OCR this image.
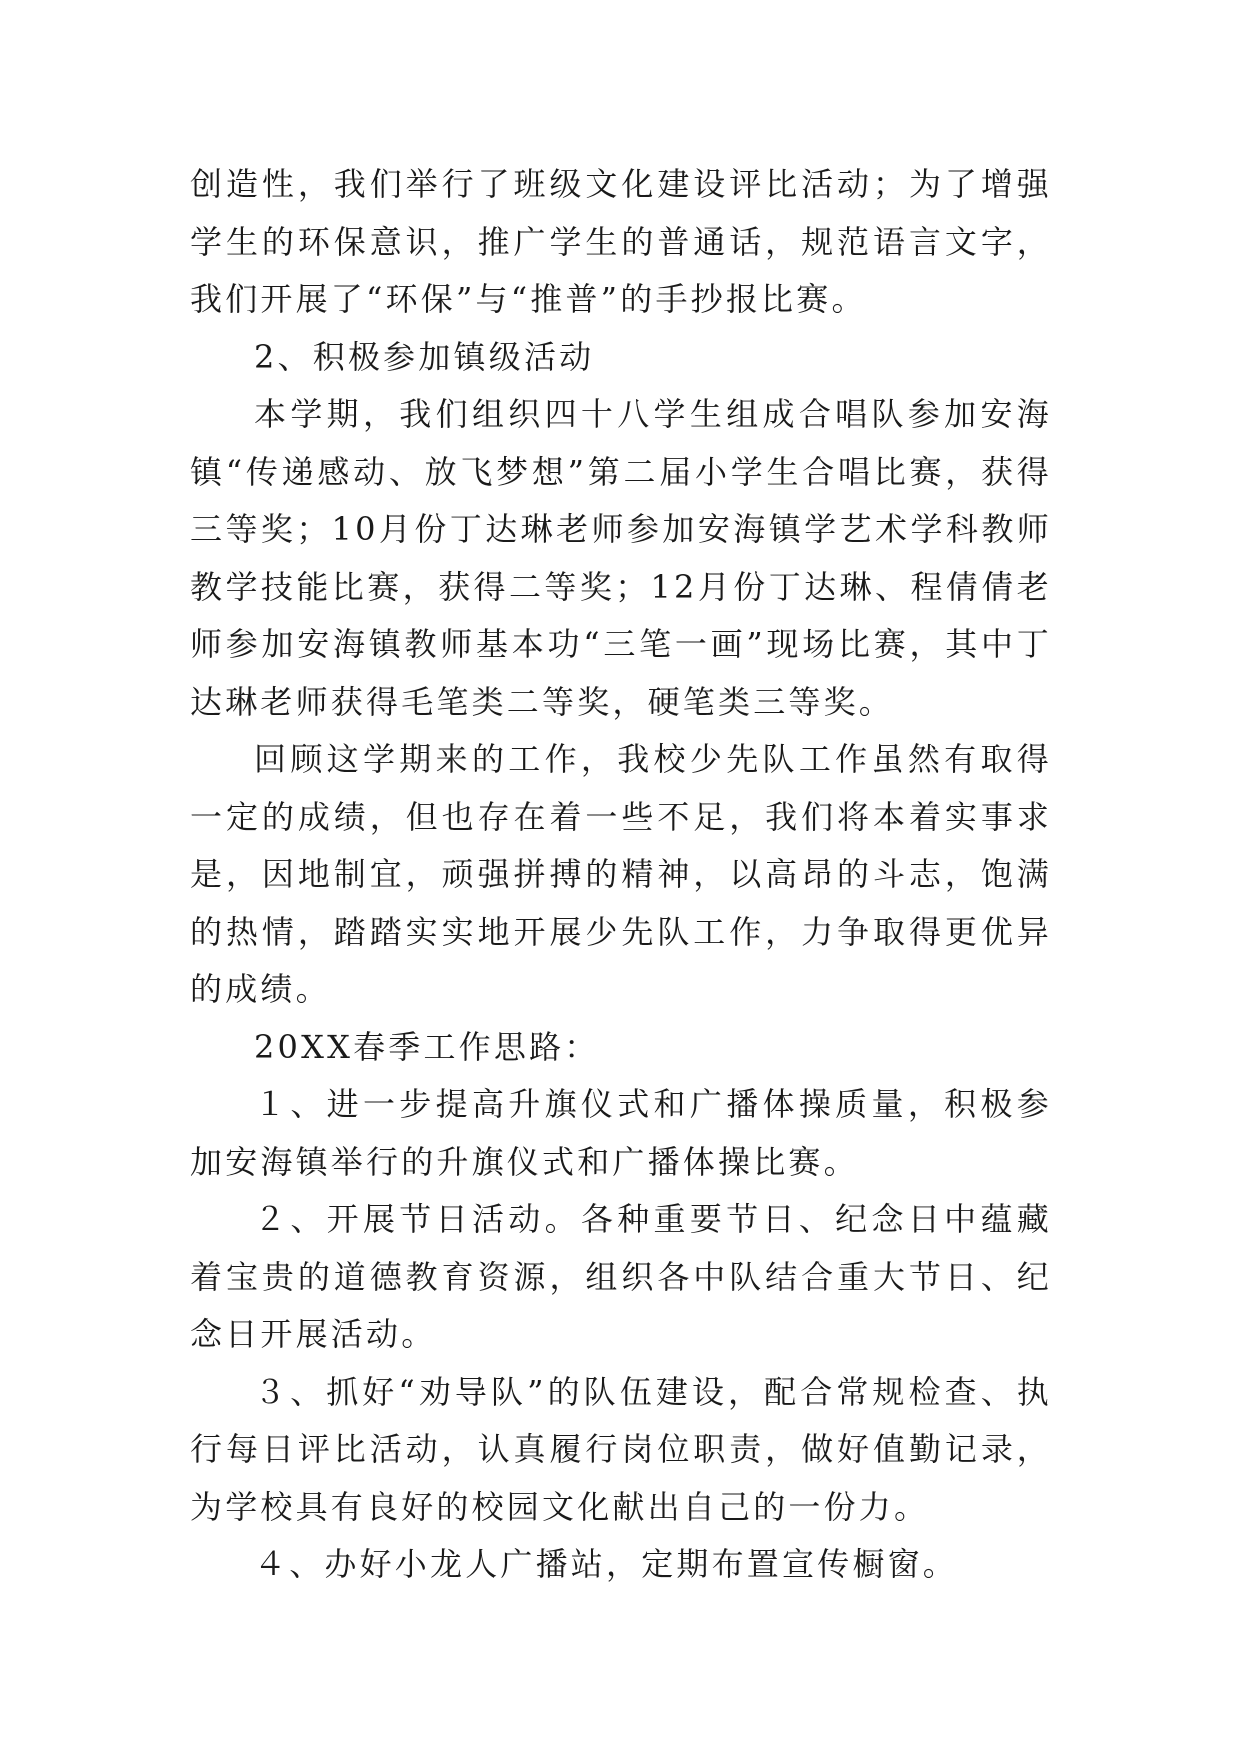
创造性，我们举行了班级文化建设评比活动；为了增强学生的环保意识，推广学生的普通话，规范语言文字，我们开展了“环保”与“推普”的手抄报比赛。

2、积极参加镇级活动

本学期，我们组织四十八学生组成合唱队参加安海镇“传递感动、放飞梦想”第二届小学生合唱比赛，获得三等奖；10月份丁达琳老师参加安海镇学艺术学科教师教学技能比赛，获得二等奖；12月份丁达琳、程倩倩老师参加安海镇教师基本功“三笔一画”现场比赛，其中丁达琳老师获得毛笔类二等奖，硬笔类三等奖。

回顾这学期来的工作，我校少先队工作虽然有取得一定的成绩，但也存在着一些不足，我们将本着实事求是，因地制宜，顽强拼搏的精神，以高昂的斗志，饱满的热情，踏踏实实地开展少先队工作，力争取得更优异的成绩。

20XX春季工作思路：

１、进一步提高升旗仪式和广播体操质量，积极参加安海镇举行的升旗仪式和广播体操比赛。

２、开展节日活动。各种重要节日、纪念日中蕴藏着宝贵的道德教育资源，组织各中队结合重大节日、纪念日开展活动。

３、抓好“劝导队”的队伍建设，配合常规检查、执行每日评比活动，认真履行岗位职责，做好值勤记录，为学校具有良好的校园文化献出自己的一份力。

４、办好小龙人广播站，定期布置宣传橱窗。
